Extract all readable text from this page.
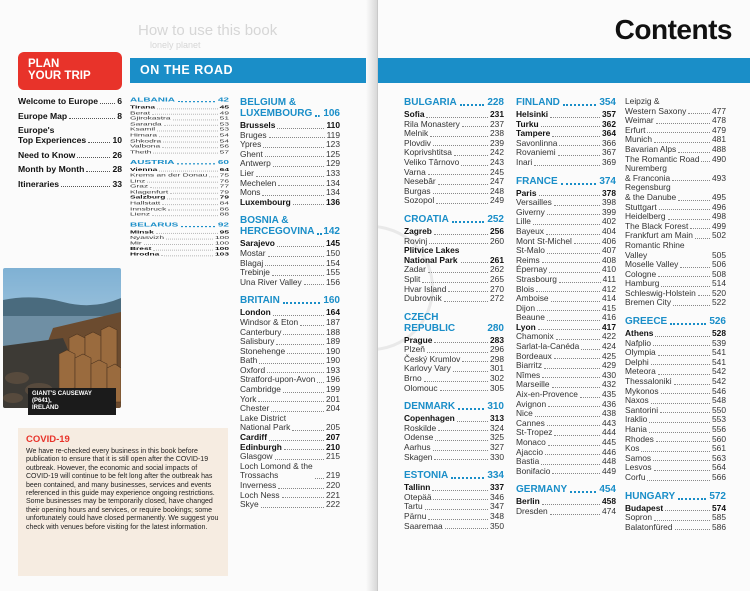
How to use this book
lonely planet
PLAN
YOUR TRIP
Welcome to Europe 6
Europe Map	8
Europe's
Top Experiences	10
Need to Know	26
Month by Month	28
Itineraries	33
ON THE ROAD
ALBANIA	42
Tirana	45
Berat	49
Gjirokastra	51
Saranda	53
Ksamil	53
Himara	54
Shkodra	54
Valbona	56
Theth	57
AUSTRIA	60
Vienna	64
Krems an der Donau 75
Linz	76
Graz	77
Klagenfurt	79
Salzburg	79
Hallstatt	84
Innsbruck	86
Lienz	88
BELARUS	92
Minsk	95
Nyasvizh	100
Mir	100
Brest	100
Hrodna	103
BELGIUM &
LUXEMBOURG 106
Brussels	110
Bruges	119
Ypres	123
Ghent	125
Antwerp	129
Lier	133
Mechelen	134
Mons	134
Luxembourg	136
BOSNIA &
HERCEGOVINA 142
Sarajevo	145
Mostar	150
Blagaj	154
Trebinje	155
Una River Valley	156
BRITAIN	160
London	164
Windsor & Eton	187
Canterbury	188
Salisbury	189
Stonehenge	190
Bath	190
Oxford	193
Stratford-upon-Avon 196
Cambridge	199
York	201
Chester	204
Lake District
National Park	205
Cardiff	207
Edinburgh	210
Glasgow	215
Loch Lomond & the
Trossachs	219
Inverness	220
Loch Ness	221
Skye	222
GIANT'S CAUSEWAY (P641),
IRELAND
COVID-19
We have re-checked every business in this book before publication to ensure that it is still open after the COVID-19 outbreak. However, the economic and social impacts of COVID-19 will continue to be felt long after the outbreak has been contained, and many businesses, services and events referenced in this guide may experience ongoing restrictions. Some businesses may be temporarily closed, have changed their opening hours and services, or require bookings; some unfortunately could have closed permanently. We suggest you check with venues before visiting for the latest information.
Contents
BULGARIA	228
Sofia	231
Rila Monastery	237
Melnik	238
Plovdiv	239
Koprivshtitsa	242
Veliko Târnovo	243
Varna	245
Nesebâr	247
Burgas	248
Sozopol	249
CROATIA	252
Zagreb	256
Rovinj	260
Plitvice Lakes
National Park	261
Zadar	262
Split	265
Hvar Island	270
Dubrovnik	272
CZECH REPUBLIC	280
Prague	283
Plzeň	296
Český Krumlov	298
Karlovy Vary	301
Brno	302
Olomouc	305
DENMARK	310
Copenhagen	313
Roskilde	324
Odense	325
Aarhus	327
Skagen	330
ESTONIA	334
Tallinn	337
Otepää	346
Tartu	347
Pärnu	348
Saaremaa	350
FINLAND	354
Helsinki	357
Turku	362
Tampere	364
Savonlinna	366
Rovaniemi	367
Inari	369
FRANCE	374
Paris	378
Versailles	398
Giverny	399
Lille	402
Bayeux	404
Mont St-Michel	406
St-Malo	407
Reims	408
Épernay	410
Strasbourg	411
Blois	412
Amboise	414
Dijon	415
Beaune	416
Lyon	417
Chamonix	422
Sarlat-la-Canéda	424
Bordeaux	425
Biarritz	429
Nîmes	430
Marseille	432
Aix-en-Provence	435
Avignon	436
Nice	438
Cannes	443
St-Tropez	444
Monaco	445
Ajaccio	446
Bastia	448
Bonifacio	449
GERMANY	454
Berlin	458
Dresden	474
Leipzig &
Western Saxony	477
Weimar	478
Erfurt	479
Munich	481
Bavarian Alps	488
The Romantic Road 490
Nuremberg
& Franconia	493
Regensburg
& the Danube	495
Stuttgart	496
Heidelberg	498
The Black Forest	499
Frankfurt am Main 502
Romantic Rhine Valley	505
Moselle Valley	506
Cologne	508
Hamburg	514
Schleswig-Holstein 520
Bremen City	522
GREECE	526
Athens	528
Nafplio	539
Olympia	541
Delphi	541
Meteora	542
Thessaloniki	542
Mykonos	546
Naxos	548
Santorini	550
Iraklio	553
Hania	556
Rhodes	560
Kos	561
Samos	563
Lesvos	564
Corfu	566
HUNGARY	572
Budapest	574
Sopron	585
Balatonfüred	586
